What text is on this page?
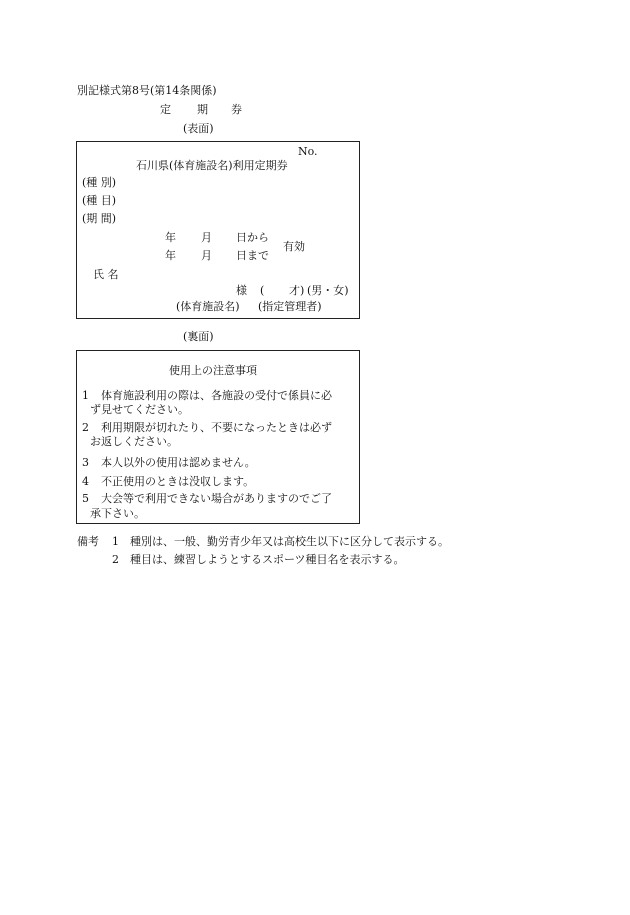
別記様式第8号(第14条関係)
定 期 券
(表面)
No.
石川県(体育施設名)利用定期券
(種 別)
(種 目)
(期 間)
年 月 日から
年 月 日まで
有効
氏 名
様 ( 才) (男・女)
(体育施設名) (指定管理者)
(裏面)
使用上の注意事項
1 体育施設利用の際は、各施設の受付で係員に必
ず見せてください。
2 利用期限が切れたり、不要になったときは必ず
お返しください。
3 本人以外の使用は認めません。
4 不正使用のときは没収します。
5 大会等で利用できない場合がありますのでご了
承下さい。
備考 1 種別は、一般、勤労青少年又は高校生以下に区分して表示する。
2 種目は、練習しようとするスポーツ種目名を表示する。
